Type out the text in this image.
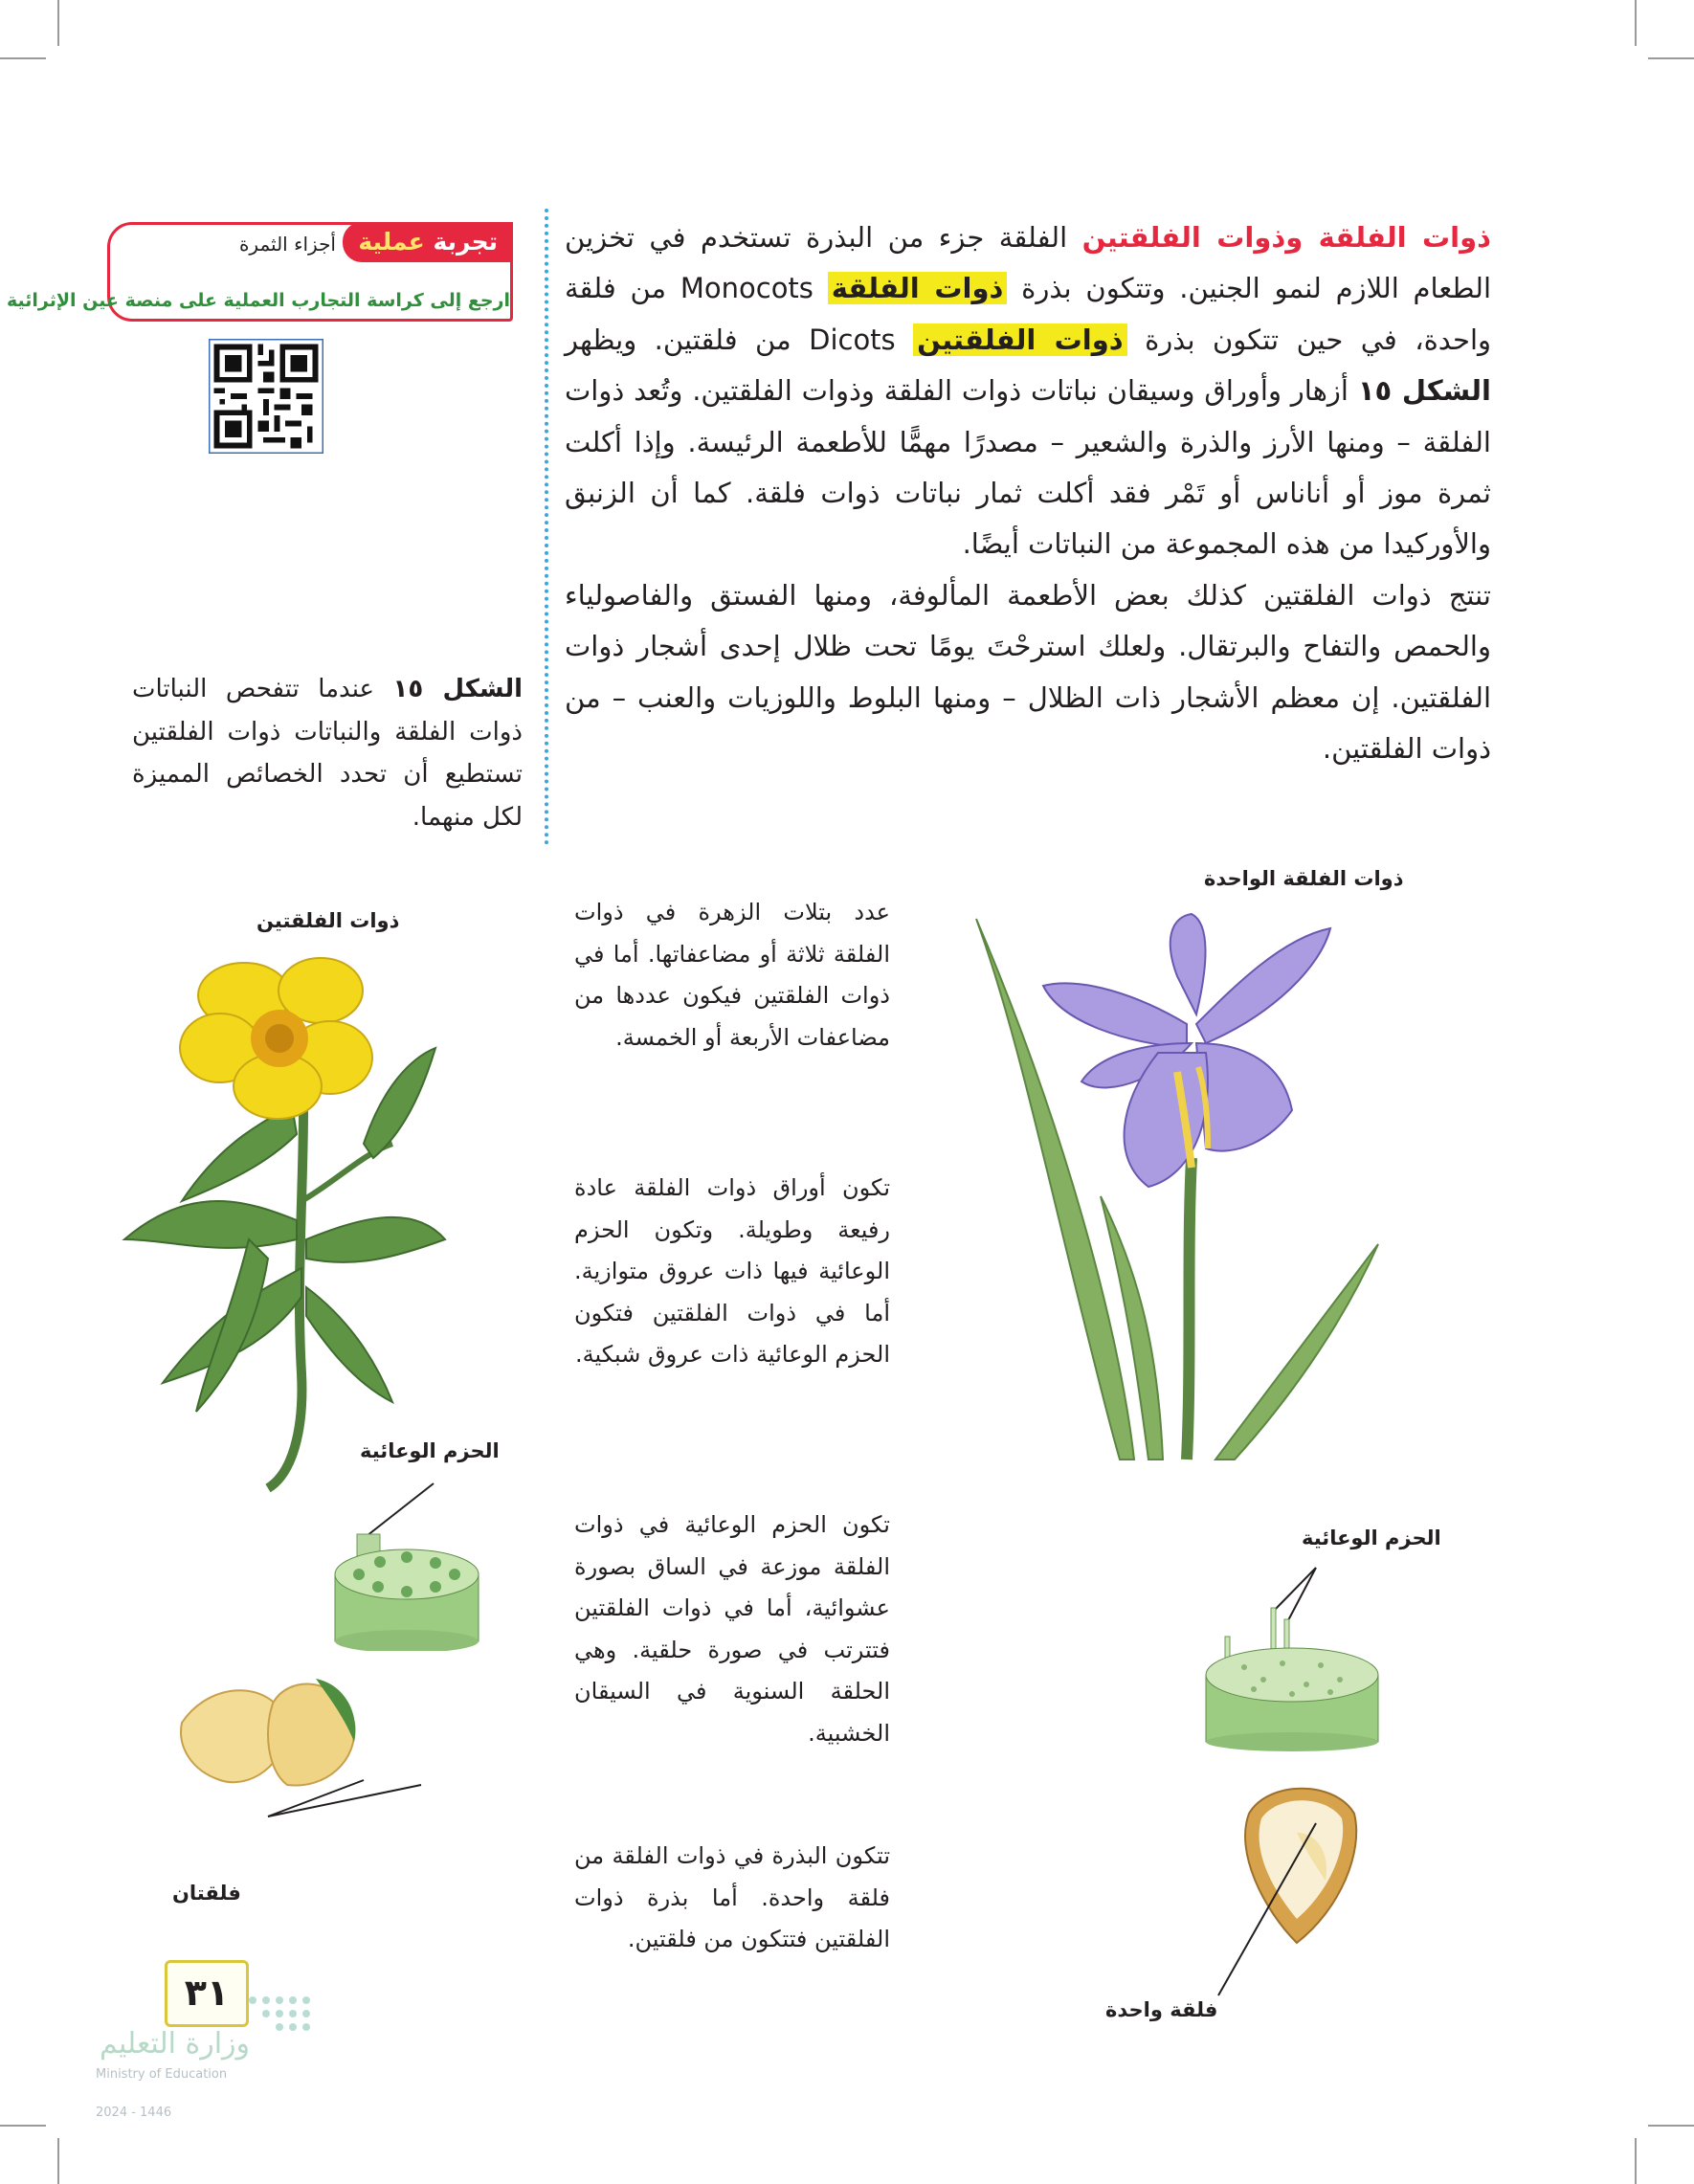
ذوات الفلقة وذوات الفلقتين الفلقة جزء من البذرة تستخدم في تخزين الطعام اللازم لنمو الجنين. وتتكون بذرة ذوات الفلقة Monocots من فلقة واحدة، في حين تتكون بذرة ذوات الفلقتين Dicots من فلقتين. ويظهر الشكل ١٥ أزهار وأوراق وسيقان نباتات ذوات الفلقة وذوات الفلقتين. وتُعد ذوات الفلقة – ومنها الأرز والذرة والشعير – مصدرًا مهمًّا للأطعمة الرئيسة. وإذا أكلت ثمرة موز أو أناناس أو تَمْر فقد أكلت ثمار نباتات ذوات فلقة. كما أن الزنبق والأوركيدا من هذه المجموعة من النباتات أيضًا.

تنتج ذوات الفلقتين كذلك بعض الأطعمة المألوفة، ومنها الفستق والفاصولياء والحمص والتفاح والبرتقال. ولعلك استرحْتَ يومًا تحت ظلال إحدى أشجار ذوات الفلقتين. إن معظم الأشجار ذات الظلال – ومنها البلوط واللوزيات والعنب – من ذوات الفلقتين.

تجربة عملية
أجزاء الثمرة
ارجع إلى كراسة التجارب العملية على منصة عين الإثرائية
الشكل ١٥ عندما تتفحص النباتات ذوات الفلقة والنباتات ذوات الفلقتين تستطيع أن تحدد الخصائص المميزة لكل منهما.
ذوات الفلقتين
الحزم الوعائية
فلقتان
عدد بتلات الزهرة في ذوات الفلقة ثلاثة أو مضاعفاتها. أما في ذوات الفلقتين فيكون عددها من مضاعفات الأربعة أو الخمسة.
تكون أوراق ذوات الفلقة عادة رفيعة وطويلة. وتكون الحزم الوعائية فيها ذات عروق متوازية. أما في ذوات الفلقتين فتكون الحزم الوعائية ذات عروق شبكية.
تكون الحزم الوعائية في ذوات الفلقة موزعة في الساق بصورة عشوائية، أما في ذوات الفلقتين فتترتب في صورة حلقية. وهي الحلقة السنوية في السيقان الخشبية.
تتكون البذرة في ذوات الفلقة من فلقة واحدة. أما بذرة ذوات الفلقتين فتتكون من فلقتين.
ذوات الفلقة الواحدة
الحزم الوعائية
فلقة واحدة
٣١
وزارة التعليم
Ministry of Education
2024 - 1446
